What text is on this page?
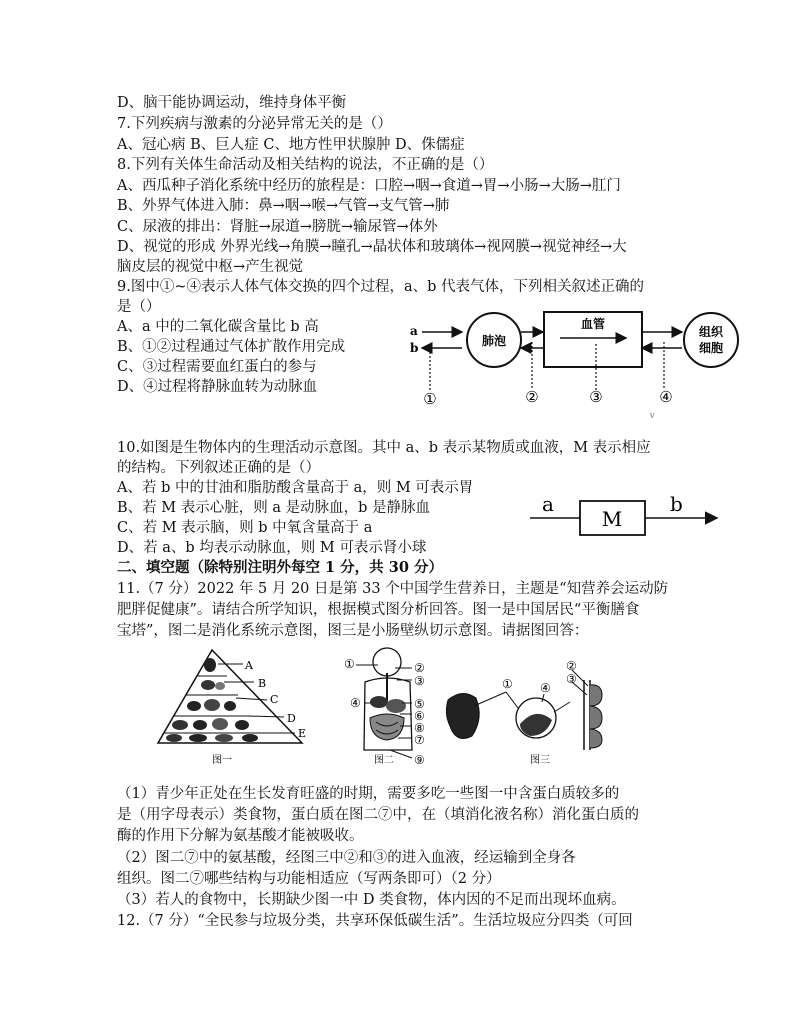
D、脑干能协调运动，维持身体平衡
7.下列疾病与激素的分泌异常无关的是（）
A、冠心病 B、巨人症 C、地方性甲状腺肿 D、侏儒症
8.下列有关体生命活动及相关结构的说法，不正确的是（）
A、西瓜种子消化系统中经历的旅程是：口腔→咽→食道→胃→小肠→大肠→肛门
B、外界气体进入肺：鼻→咽→喉→气管→支气管→肺
C、尿液的排出：肾脏→尿道→膀胱→输尿管→体外
D、视觉的形成 外界光线→角膜→瞳孔→晶状体和玻璃体→视网膜→视觉神经→大
脑皮层的视觉中枢→产生视觉
9.图中①~④表示人体气体交换的四个过程，a、b 代表气体，下列相关叙述正确的
是（）
A、a 中的二氧化碳含量比 b 高
B、①②过程通过气体扩散作用完成
C、③过程需要血红蛋白的参与
D、④过程将静脉血转为动脉血
10.如图是生物体内的生理活动示意图。其中 a、b 表示某物质或血液，M 表示相应
的结构。下列叙述正确的是（）
A、若 b 中的甘油和脂肪酸含量高于 a，则 M 可表示胃
B、若 M 表示心脏，则 a 是动脉血，b 是静脉血
C、若 M 表示脑，则 b 中氧含量高于 a
D、若 a、b 均表示动脉血，则 M 可表示肾小球
二、填空题（除特别注明外每空 1 分，共 30 分）
11.（7 分）2022 年 5 月 20 日是第 33 个中国学生营养日，主题是“知营养会运动防
肥胖促健康”。请结合所学知识，根据模式图分析回答。图一是中国居民“平衡膳食
宝塔”，图二是消化系统示意图，图三是小肠壁纵切示意图。请据图回答：
（1）青少年正处在生长发育旺盛的时期，需要多吃一些图一中含蛋白质较多的
是（用字母表示）类食物，蛋白质在图二⑦中，在（填消化液名称）消化蛋白质的
酶的作用下分解为氨基酸才能被吸收。
（2）图二⑦中的氨基酸，经图三中②和③的进入血液，经运输到全身各
组织。图二⑦哪些结构与功能相适应（写两条即可）（2 分）
（3）若人的食物中，长期缺少图一中 D 类食物，体内因的不足而出现坏血病。
12.（7 分）“全民参与垃圾分类，共享环保低碳生活”。生活垃圾应分四类（可回
a
b	肺泡
血管
组织
细胞
①	②	③	④
v
a
M
b
A
B
C
D
E
图一
①	②
③
④	⑤
⑥
⑧
⑦
⑨
图二
① ④
②
③
图三
